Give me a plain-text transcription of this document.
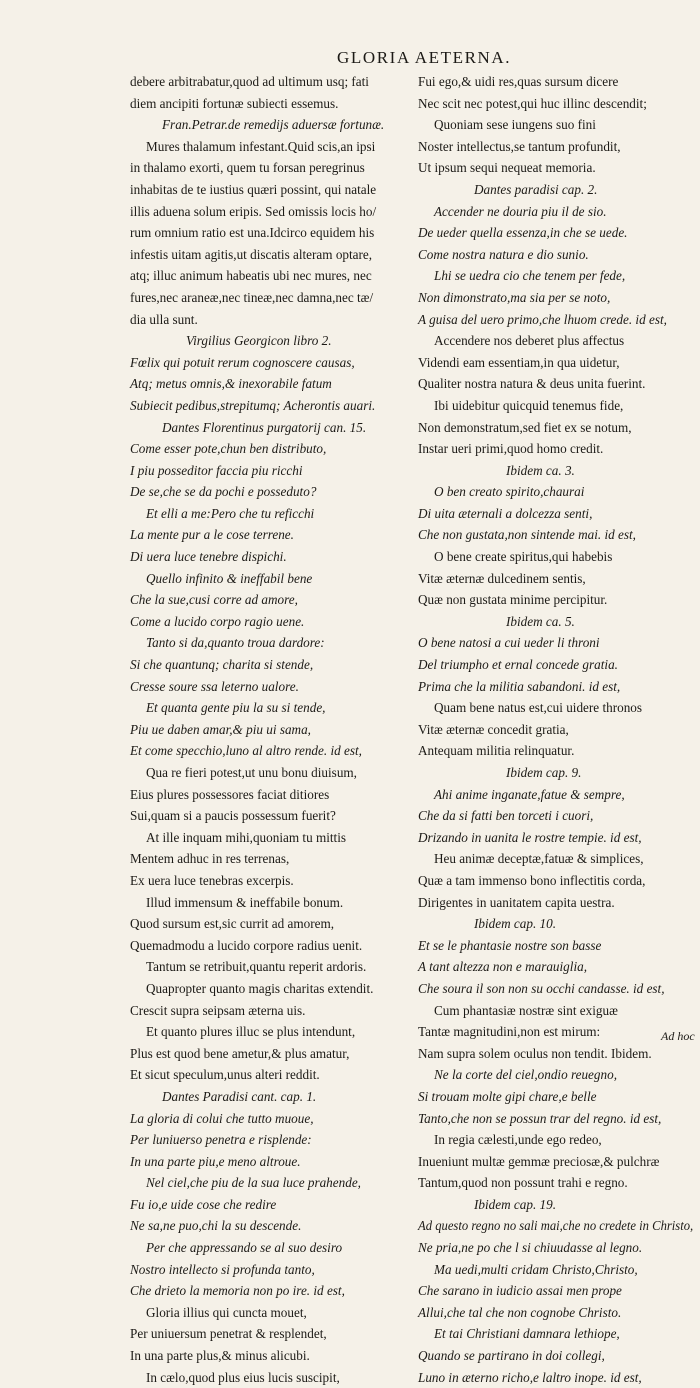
GLORIA AETERNA.
debere arbitrabatur,quod ad ultimum usq; fati
diem ancipiti fortunæ subiecti essemus.
Fran.Petrar.de remedijs aduersæ fortunæ.
Mures thalamum infestant.Quid scis,an ipsi
in thalamo exorti, quem tu forsan peregrinus
inhabitas de te iustius quæri possint, qui natale
illis aduena solum eripis. Sed omissis locis ho/
rum omnium ratio est una.Idcirco equidem his
infestis uitam agitis,ut discatis alteram optare,
atq; illuc animum habeatis ubi nec mures, nec
fures,nec araneæ,nec tineæ,nec damna,nec tæ/
dia ulla sunt.
Virgilius Georgicon libro 2.
Fœlix qui potuit rerum cognoscere causas,
Atq; metus omnis,& inexorabile fatum
Subiecit pedibus,strepitumq; Acherontis auari.
Dantes Florentinus purgatorij can. 15.
Come esser pote,chun ben distributo,
I piu posseditor faccia piu ricchi
De se,che se da pochi e posseduto?
Et elli a me:Pero che tu reficchi
La mente pur a le cose terrene.
Di uera luce tenebre dispichi.
Quello infinito & ineffabil bene
Che la sue,cusi corre ad amore,
Come a lucido corpo ragio uene.
Tanto si da,quanto troua dardore:
Si che quantunq; charita si stende,
Cresse soure ssa leterno ualore.
Et quanta gente piu la su si tende,
Piu ue daben amar,& piu ui sama,
Et come specchio,luno al altro rende. id est,
Qua re fieri potest,ut unu bonu diuisum,
Eius plures possessores faciat ditiores
Sui,quam si a paucis possessum fuerit?
At ille inquam mihi,quoniam tu mittis
Mentem adhuc in res terrenas,
Ex uera luce tenebras excerpis.
Illud immensum & ineffabile bonum.
Quod sursum est,sic currit ad amorem,
Quemadmodu a lucido corpore radius uenit.
Tantum se retribuit,quantu reperit ardoris.
Quapropter quanto magis charitas extendit.
Crescit supra seipsam æterna uis.
Et quanto plures illuc se plus intendunt,
Plus est quod bene ametur,& plus amatur,
Et sicut speculum,unus alteri reddit.
Dantes Paradisi cant. cap. 1.
La gloria di colui che tutto muoue,
Per luniuerso penetra e risplende:
In una parte piu,e meno altroue.
Nel ciel,che piu de la sua luce prahende,
Fu io,e uide cose che redire
Ne sa,ne puo,chi la su descende.
Per che appressando se al suo desiro
Nostro intellecto si profunda tanto,
Che drieto la memoria non po ire. id est,
Gloria illius qui cuncta mouet,
Per uniuersum penetrat & resplendet,
In una parte plus,& minus alicubi.
In cælo,quod plus eius lucis suscipit,
Fui ego,& uidi res,quas sursum dicere
Nec scit nec potest,qui huc illinc descendit;
Quoniam sese iungens suo fini
Noster intellectus,se tantum profundit,
Ut ipsum sequi nequeat memoria.
Dantes paradisi cap. 2.
Accender ne douria piu il de sio.
De ueder quella essenza,in che se uede.
Come nostra natura e dio sunio.
Lhi se uedra cio che tenem per fede,
Non dimonstrato,ma sia per se noto,
A guisa del uero primo,che lhuom crede. id est,
Accendere nos deberet plus affectus
Videndi eam essentiam,in qua uidetur,
Qualiter nostra natura & deus unita fuerint.
Ibi uidebitur quicquid tenemus fide,
Non demonstratum,sed fiet ex se notum,
Instar ueri primi,quod homo credit.
Ibidem ca. 3.
O ben creato spirito,chaurai
Di uita æternali a dolcezza senti,
Che non gustata,non sintende mai. id est,
O bene create spiritus,qui habebis
Vitæ æternæ dulcedinem sentis,
Quæ non gustata minime percipitur.
Ibidem ca. 5.
O bene natosi a cui ueder li throni
Del triumpho et ernal concede gratia.
Prima che la militia sabandoni. id est,
Quam bene natus est,cui uidere thronos
Vitæ æternæ concedit gratia,
Antequam militia relinquatur.
Ibidem cap. 9.
Ahi anime inganate,fatue & sempre,
Che da si fatti ben torceti i cuori,
Drizando in uanita le rostre tempie. id est,
Heu animæ deceptæ,fatuæ & simplices,
Quæ a tam immenso bono inflectitis corda,
Dirigentes in uanitatem capita uestra.
Ibidem cap. 10.
Et se le phantasie nostre son basse
A tant altezza non e marauiglia,
Che soura il son non su occhi candasse. id est,
Cum phantasiæ nostræ sint exiguæ
Tantæ magnitudini,non est mirum:
Nam supra solem oculus non tendit. Ibidem.
Ne la corte del ciel,ondio reuegno,
Si trouam molte gipi chare,e belle
Tanto,che non se possun trar del regno. id est,
In regia cælesti,unde ego redeo,
Inueniunt multæ gemmæ preciosæ,& pulchræ
Tantum,quod non possunt trahi e regno.
Ibidem cap. 19.
Ad questo regno no sali mai,che no credete in Christo,
Ne pria,ne po che l si chiuudasse al legno.
Ma uedi,multi cridam Christo,Christo,
Che sarano in iudicio assai men prope
Allui,che tal che non cognobe Christo.
Et tai Christiani damnara lethiope,
Quando se partirano in doi collegi,
Luno in æterno richo,e laltro inope. id est,
Ad hoc
